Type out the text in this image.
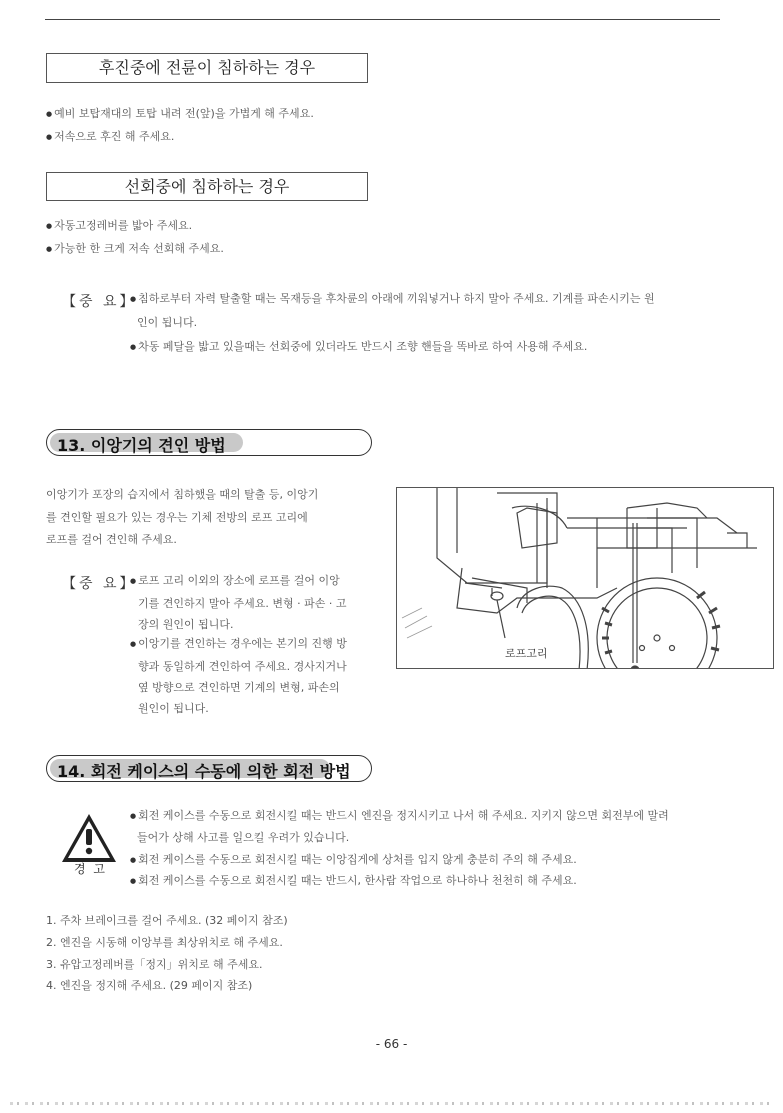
후진중에 전륜이 침하하는 경우
● 예비 보탑재대의 토탑 내려 전(앞)을 가볍게 해 주세요.
● 저속으로 후진 해 주세요.
선회중에 침하하는 경우
● 자동고정레버를 밟아 주세요.
● 가능한 한 크게 저속 선회해 주세요.
【중 요】 ● 침하로부터 자력 탈출할 때는 목재등을 후차륜의 아래에 끼워넣거나 하지 말아 주세요. 기계를 파손시키는 원
인이 됩니다.
● 차동 페달을 밟고 있을때는 선회중에 있더라도 반드시 조향 핸들을 똑바로 하여 사용해 주세요.
13. 이앙기의 견인 방법
이앙기가 포장의 습지에서 침하했을 때의 탈출 등, 이앙기
를 견인할 필요가 있는 경우는 기체 전방의 로프 고리에
로프를 걸어 견인해 주세요.
【중 요】 ● 로프 고리 이외의 장소에 로프를 걸어 이앙
기를 견인하지 말아 주세요. 변형 · 파손 · 고
장의 원인이 됩니다.
● 이앙기를 견인하는 경우에는 본기의 진행 방
향과 동일하게 견인하여 주세요. 경사지거나
옆 방향으로 견인하면 기계의 변형, 파손의
원인이 됩니다.
로프고리
14. 회전 케이스의 수동에 의한 회전 방법
경 고
● 회전 케이스를 수동으로 회전시킬 때는 반드시 엔진을 정지시키고 나서 해 주세요. 지키지 않으면 회전부에 말려
들어가 상해 사고를 일으킬 우려가 있습니다.
● 회전 케이스를 수동으로 회전시킬 때는 이앙집게에 상처를 입지 않게 충분히 주의 해 주세요.
● 회전 케이스를 수동으로 회전시킬 때는 반드시, 한사람 작업으로 하나하나 천천히 해 주세요.
1. 주차 브레이크를 걸어 주세요. (32 페이지 참조)
2. 엔진을 시동해 이앙부를 최상위치로 해 주세요.
3. 유압고정레버를「정지」위치로 해 주세요.
4. 엔진을 정지해 주세요. (29 페이지 참조)
- 66 -
